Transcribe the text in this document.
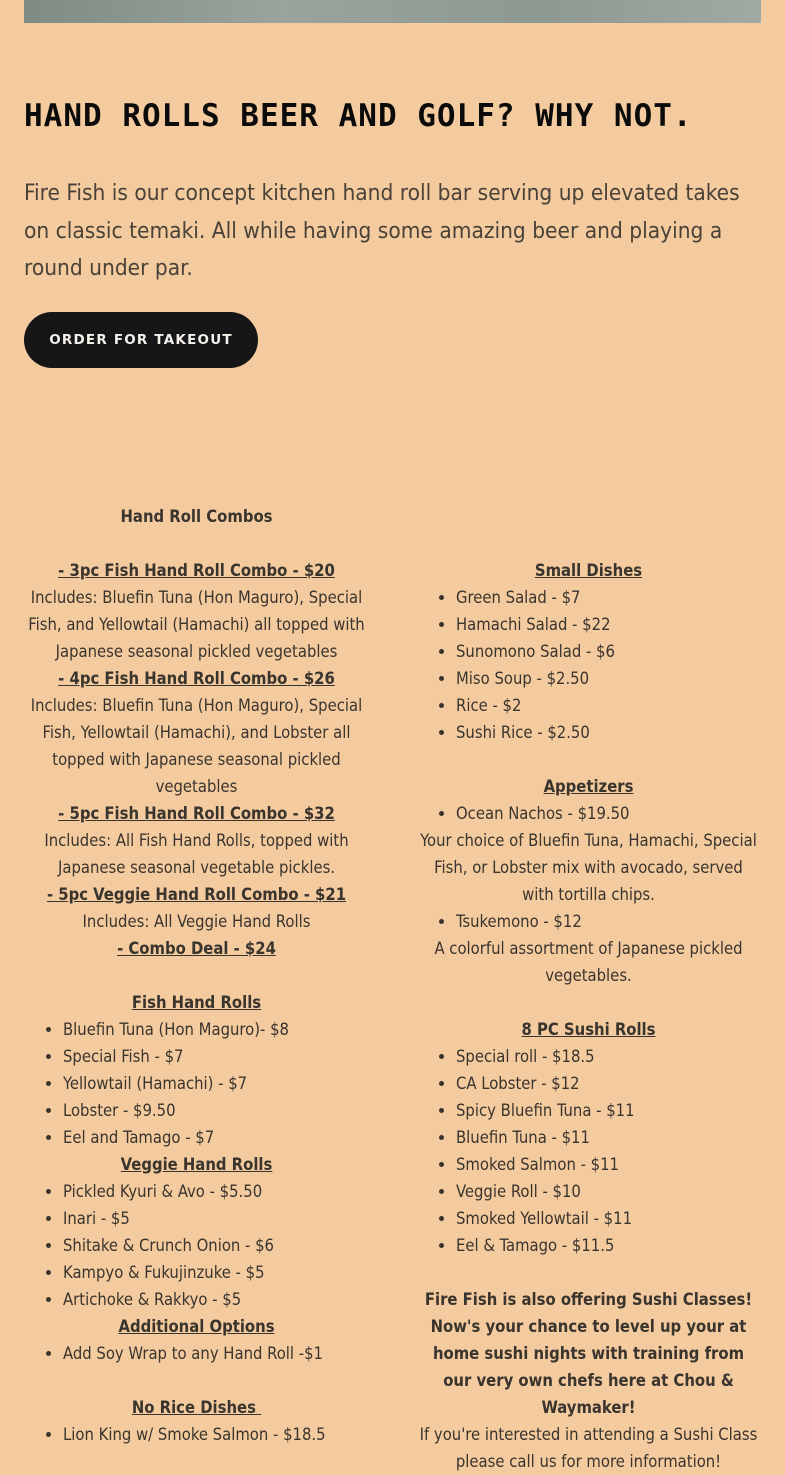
HAND ROLLS BEER AND GOLF? WHY NOT.

Fire Fish is our concept kitchen hand roll bar serving up elevated takes on classic temaki. All while having some amazing beer and playing a round under par.

ORDER FOR TAKEOUT
Hand Roll Combos
- 3pc Fish Hand Roll Combo - $20
Includes: Bluefin Tuna (Hon Maguro), Special Fish, and Yellowtail (Hamachi) all topped with Japanese seasonal pickled vegetables
- 4pc Fish Hand Roll Combo - $26
Includes: Bluefin Tuna (Hon Maguro), Special Fish, Yellowtail (Hamachi), and Lobster all topped with Japanese seasonal pickled vegetables
- 5pc Fish Hand Roll Combo - $32
Includes: All Fish Hand Rolls, topped with Japanese seasonal vegetable pickles.
- 5pc Veggie Hand Roll Combo - $21
Includes: All Veggie Hand Rolls
- Combo Deal - $24
Fish Hand Rolls
• Bluefin Tuna (Hon Maguro)- $8
• Special Fish - $7
• Yellowtail (Hamachi) - $7
• Lobster - $9.50
• Eel and Tamago - $7
Veggie Hand Rolls
• Pickled Kyuri & Avo - $5.50
• Inari - $5
• Shitake & Crunch Onion - $6
• Kampyo & Fukujinzuke - $5
• Artichoke & Rakkyo - $5
Additional Options
• Add Soy Wrap to any Hand Roll -$1
No Rice Dishes
• Lion King w/ Smoke Salmon - $18.5
Small Dishes
• Green Salad - $7
• Hamachi Salad - $22
• Sunomono Salad - $6
• Miso Soup - $2.50
• Rice - $2
• Sushi Rice - $2.50
Appetizers
• Ocean Nachos - $19.50
Your choice of Bluefin Tuna, Hamachi, Special Fish, or Lobster mix with avocado, served with tortilla chips.
• Tsukemono - $12
A colorful assortment of Japanese pickled vegetables.
8 PC Sushi Rolls
• Special roll - $18.5
• CA Lobster - $12
• Spicy Bluefin Tuna - $11
• Bluefin Tuna - $11
• Smoked Salmon - $11
• Veggie Roll - $10
• Smoked Yellowtail - $11
• Eel & Tamago - $11.5
Fire Fish is also offering Sushi Classes!
Now's your chance to level up your at home sushi nights with training from our very own chefs here at Chou & Waymaker!
If you're interested in attending a Sushi Class please call us for more information!
